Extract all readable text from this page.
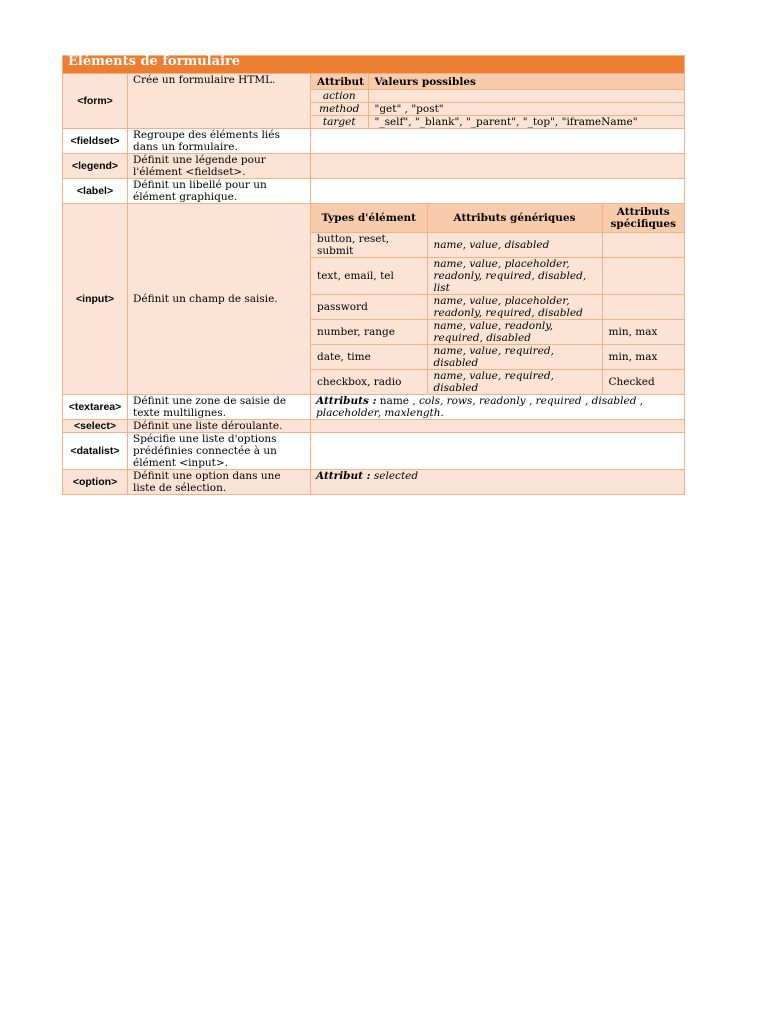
Eléments de formulaire
<form>	Crée un formulaire HTML.		Attribut	Valeurs possibles
action	
method	"get" , "post"
target	"_self", "_blank", "_parent", "_top", "iframeName"

<fieldset>	Regroupe des éléments liés dans un formulaire.	
<legend>	Définit une légende pour l'élément <fieldset>.	
<label>	Définit un libellé pour un élément graphique.	
<input>	Définit un champ de saisie.	
Types d'élément	Attributs génériques	Attributs spécifiques
button, reset, submit	name, value, disabled	
text, email, tel	name, value, placeholder, readonly, required, disabled, list	
password	name, value, placeholder, readonly, required, disabled	
number, range	name, value, readonly, required, disabled	min, max
date, time	name, value, required, disabled	min, max
checkbox, radio	name, value, required, disabled	Checked

<textarea>	Définit une zone de saisie de texte multilignes.	Attributs : name , cols, rows, readonly , required , disabled , placeholder, maxlength.
<select>	Définit une liste déroulante.	
<datalist>	Spécifie une liste d'options prédéfinies connectée à un élément <input>.	
<option>	Définit une option dans une liste de sélection.	Attribut : selected
